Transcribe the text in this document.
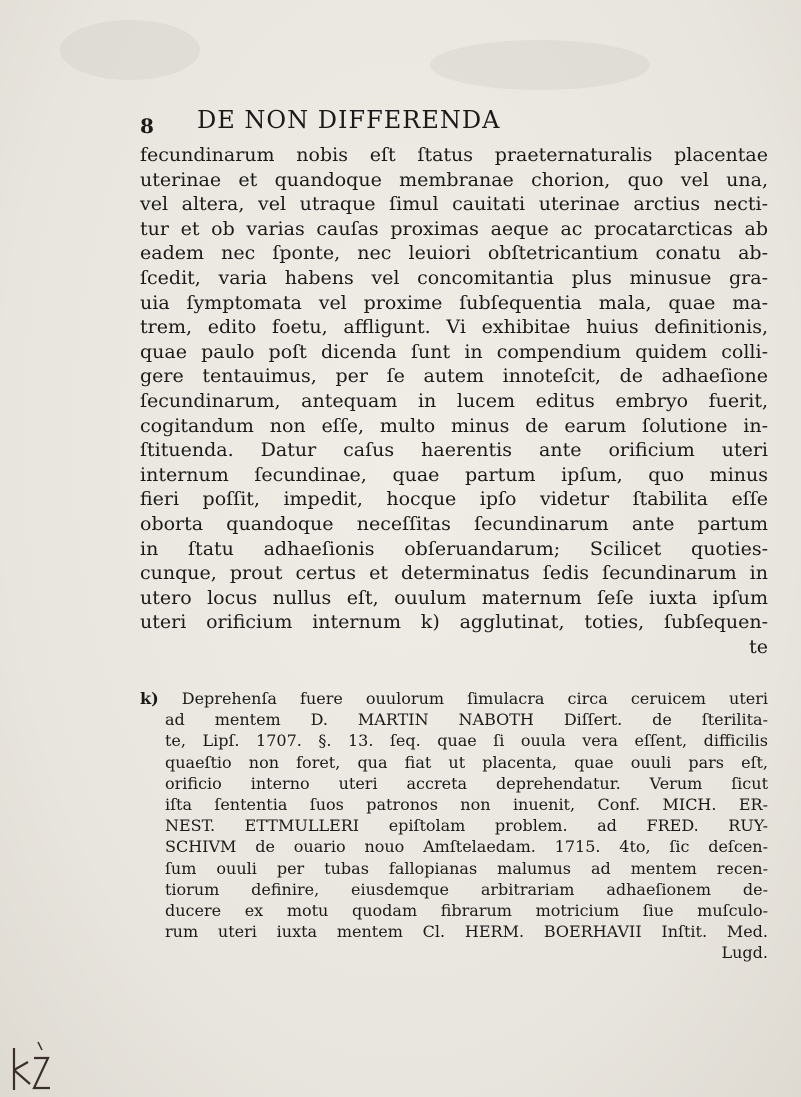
8 DE NON DIFFERENDA
fecundinarum nobis eſt ſtatus praeternaturalis placentae
uterinae et quandoque membranae chorion, quo vel una,
vel altera, vel utraque ſimul cauitati uterinae arctius necti-
tur et ob varias cauſas proximas aeque ac procatarcticas ab
eadem nec ſponte, nec leuiori obſtetricantium conatu ab-
ſcedit, varia habens vel concomitantia plus minusue gra-
uia ſymptomata vel proxime ſubſequentia mala, quae ma-
trem, edito foetu, affligunt. Vi exhibitae huius definitionis,
quae paulo poſt dicenda ſunt in compendium quidem colli-
gere tentauimus, per ſe autem innoteſcit, de adhaeſione
ſecundinarum, antequam in lucem editus embryo fuerit,
cogitandum non eſſe, multo minus de earum ſolutione in-
ſtituenda. Datur caſus haerentis ante orificium uteri
internum ſecundinae, quae partum ipſum, quo minus
fieri poſſit, impedit, hocque ipſo videtur ſtabilita eſſe
oborta quandoque neceſſitas ſecundinarum ante partum
in ſtatu adhaeſionis obſeruandarum; Scilicet quoties-
cunque, prout certus et determinatus ſedis ſecundinarum in
utero locus nullus eſt, ouulum maternum ſeſe iuxta ipſum
uteri orificium internum k) agglutinat, toties, ſubſequen-
te
k) Deprehenſa fuere ouulorum ſimulacra circa ceruicem uteri
ad mentem D. MARTIN NABOTH Diſſert. de ſterilita-
te, Lipſ. 1707. §. 13. ſeq. quae ſi ouula vera eſſent, difficilis
quaeſtio non foret, qua fiat ut placenta, quae ouuli pars eſt,
orificio interno uteri accreta deprehendatur. Verum ſicut
iſta ſententia ſuos patronos non inuenit, Conf. MICH. ER-
NEST. ETTMULLERI epiſtolam problem. ad FRED. RUY-
SCHIVM de ouario nouo Amſtelaedam. 1715. 4to, ſic deſcen-
ſum ouuli per tubas fallopianas malumus ad mentem recen-
tiorum definire, eiusdemque arbitrariam adhaeſionem de-
ducere ex motu quodam fibrarum motricium ſiue muſculo-
rum uteri iuxta mentem Cl. HERM. BOERHAVII Inſtit. Med.
Lugd.
